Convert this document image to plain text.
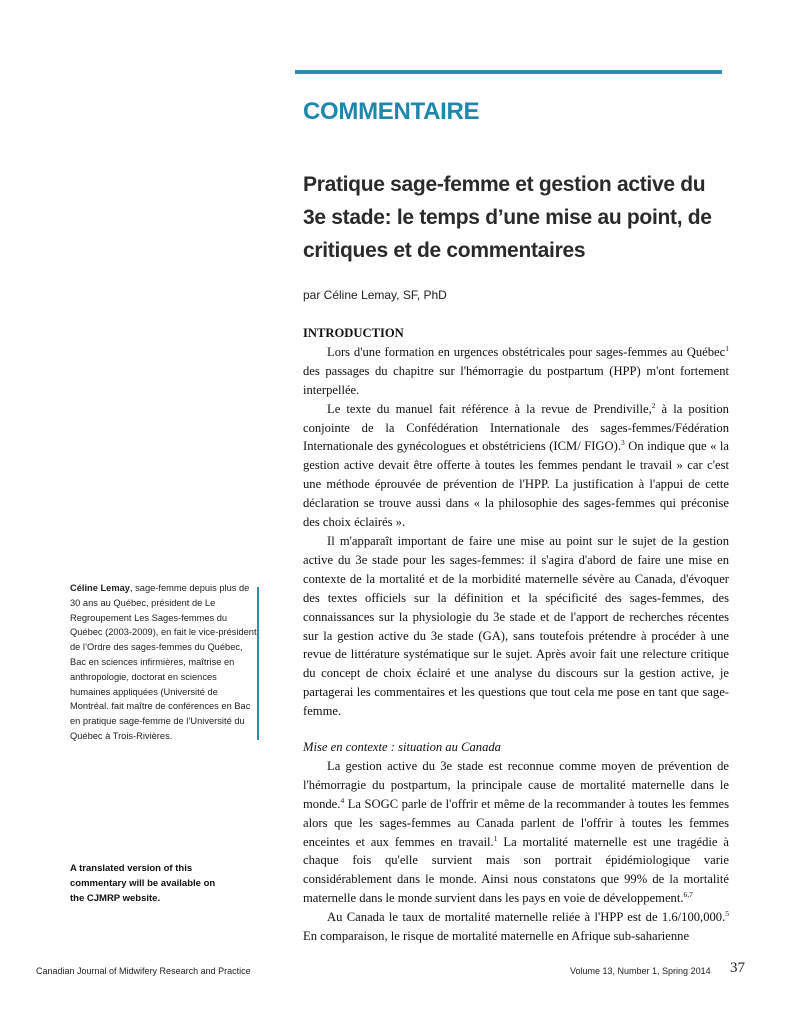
COMMENTAIRE
Pratique sage-femme et gestion active du 3e stade: le temps d’une mise au point, de critiques et de commentaires
par Céline Lemay, SF, PhD
INTRODUCTION

Lors d'une formation en urgences obstétricales pour sages-femmes au Québec$^1$ des passages du chapitre sur l'hémorragie du postpartum (HPP) m'ont fortement interpellée.

Le texte du manuel fait référence à la revue de Prendiville,$^2$ à la position conjointe de la Confédération Internationale des sages-femmes/Fédération Internationale des gynécologues et obstétriciens (ICM/ FIGO).$^3$ On indique que « la gestion active devait être offerte à toutes les femmes pendant le travail » car c'est une méthode éprouvée de prévention de l'HPP. La justification à l'appui de cette déclaration se trouve aussi dans « la philosophie des sages-femmes qui préconise des choix éclairés ».

Il m'apparaît important de faire une mise au point sur le sujet de la gestion active du 3e stade pour les sages-femmes: il s'agira d'abord de faire une mise en contexte de la mortalité et de la morbidité maternelle sévère au Canada, d'évoquer des textes officiels sur la définition et la spécificité des sages-femmes, des connaissances sur la physiologie du 3e stade et de l'apport de recherches récentes sur la gestion active du 3e stade (GA), sans toutefois prétendre à procéder à une revue de littérature systématique sur le sujet. Après avoir fait une relecture critique du concept de choix éclairé et une analyse du discours sur la gestion active, je partagerai les commentaires et les questions que tout cela me pose en tant que sage-femme.

Mise en contexte : situation au Canada

La gestion active du 3e stade est reconnue comme moyen de prévention de l'hémorragie du postpartum, la principale cause de mortalité maternelle dans le monde.$^4$ La SOGC parle de l'offrir et même de la recommander à toutes les femmes alors que les sages-femmes au Canada parlent de l'offrir à toutes les femmes enceintes et aux femmes en travail.$^1$ La mortalité maternelle est une tragédie à chaque fois qu'elle survient mais son portrait épidémiologique varie considérablement dans le monde. Ainsi nous constatons que 99% de la mortalité maternelle dans le monde survient dans les pays en voie de développement.$^{6,7}$

Au Canada le taux de mortalité maternelle reliée à l'HPP est de 1.6/100,000.$^5$ En comparaison, le risque de mortalité maternelle en Afrique sub-saharienne

Céline Lemay, sage-femme depuis plus de 30 ans au Québec, président de Le Regroupement Les Sages-femmes du Québec (2003-2009), en fait le vice-président de l’Ordre des sages-femmes du Québec, Bac en sciences infirmières, maîtrise en anthropologie, doctorat en sciences humaines appliquées (Université de Montréal. fait maître de conférences en Bac en pratique sage-femme de l’Université du Québec à Trois-Rivières.
A translated version of this commentary will be available on the CJMRP website.
Canadian Journal of Midwifery Research and Practice	Volume 13, Number 1, Spring 2014 37
